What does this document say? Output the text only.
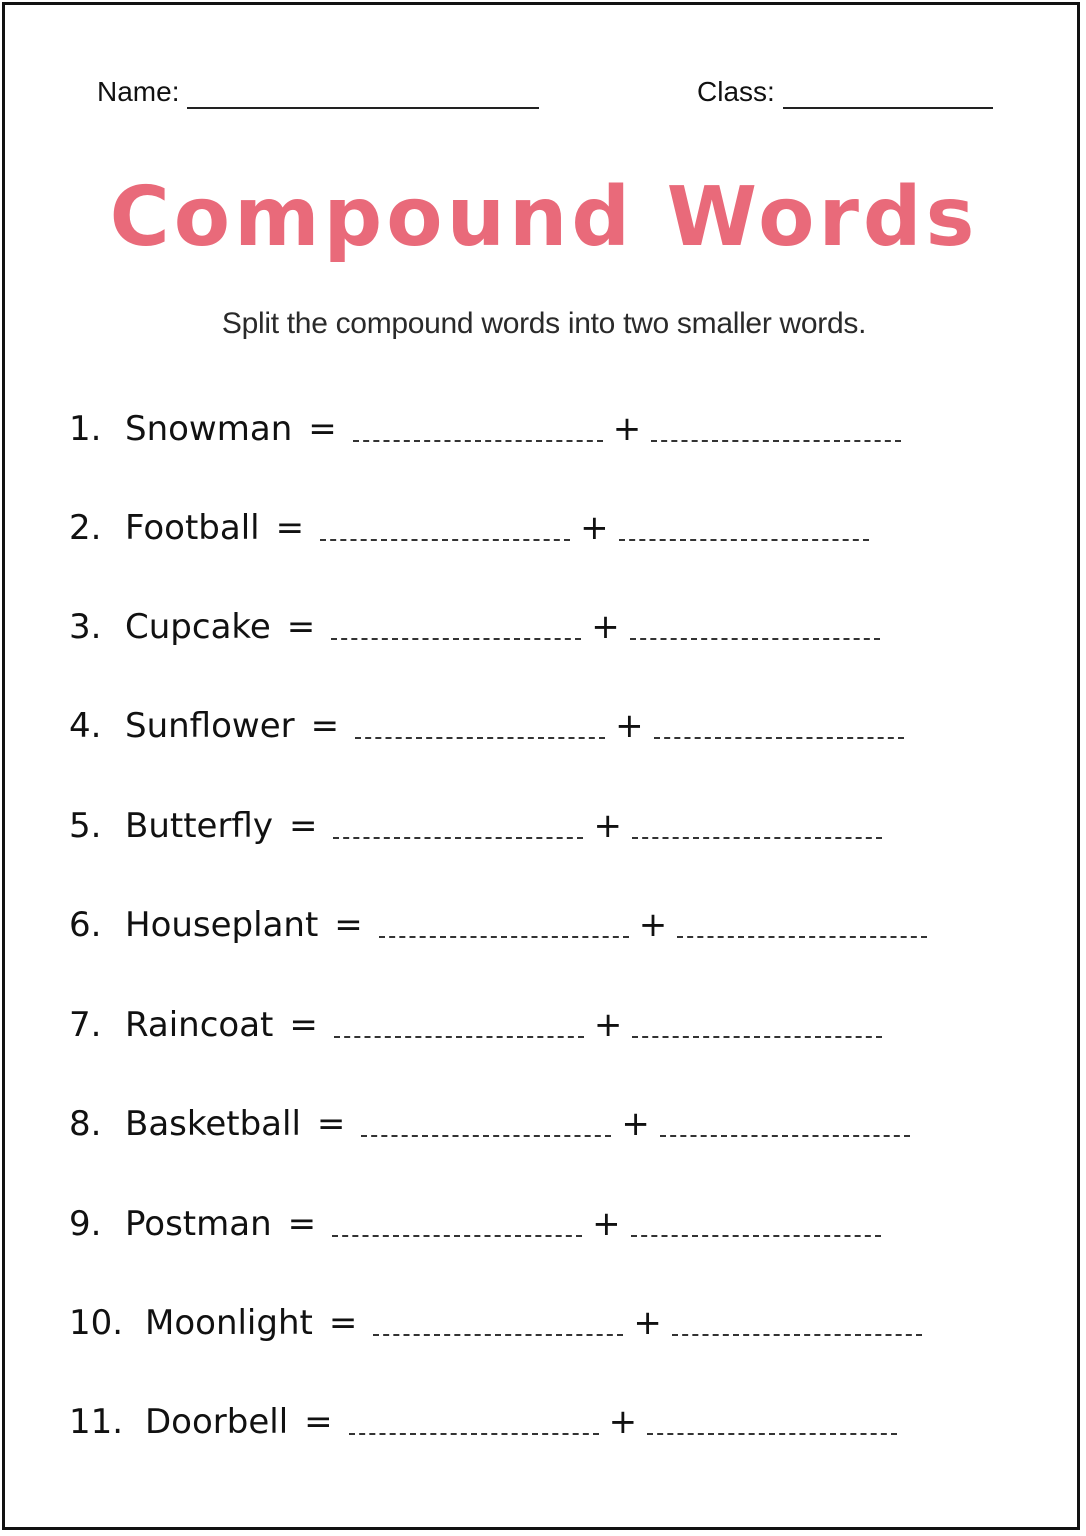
Name:	Class:
Compound Words
Split the compound words into two smaller words.
1. Snowman =	+
2. Football =	+
3. Cupcake =	+
4. Sunflower =	+
5. Butterfly =	+
6. Houseplant =	+
7. Raincoat =	+
8. Basketball =	+
9. Postman =	+
10. Moonlight =	+
11. Doorbell =	+
